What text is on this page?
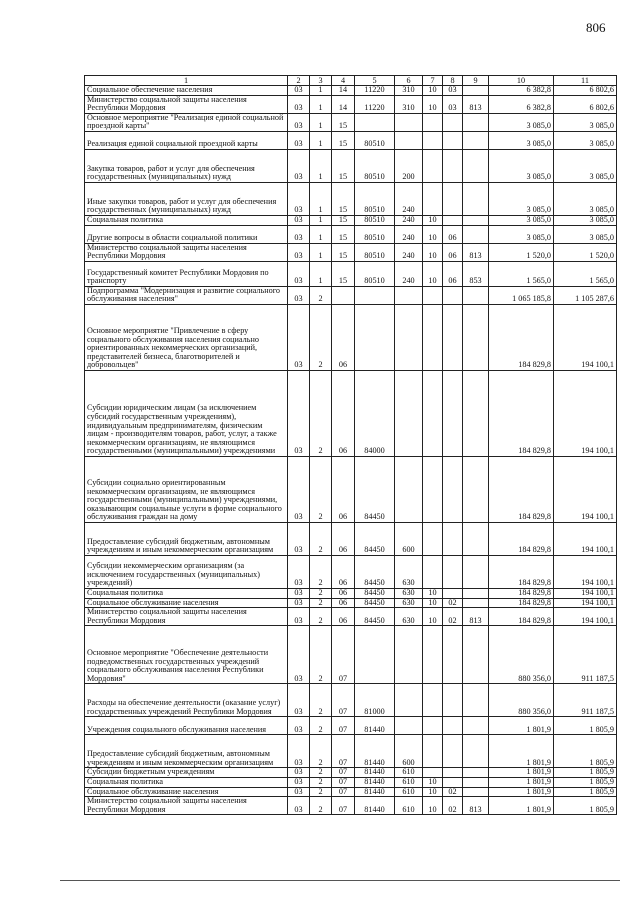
806
1	2	3	4	5	6	7	8	9	10	11
Социальное обеспечение населения	03	1	14	11220	310	10	03		6 382,8	6 802,6
Министерство социальной защиты населения Республики Мордовия	03	1	14	11220	310	10	03	813	6 382,8	6 802,6
Основное мероприятие "Реализация единой социальной проездной карты"	03	1	15						3 085,0	3 085,0
Реализация единой социальной проездной карты	03	1	15	80510					3 085,0	3 085,0
Закупка товаров, работ и услуг для обеспечения государственных (муниципальных) нужд	03	1	15	80510	200				3 085,0	3 085,0
Иные закупки товаров, работ и услуг для обеспечения государственных (муниципальных) нужд	03	1	15	80510	240				3 085,0	3 085,0
Социальная политика	03	1	15	80510	240	10			3 085,0	3 085,0
Другие вопросы в области социальной политики	03	1	15	80510	240	10	06		3 085,0	3 085,0
Министерство социальной защиты населения Республики Мордовия	03	1	15	80510	240	10	06	813	1 520,0	1 520,0
Государственный комитет Республики Мордовия по транспорту	03	1	15	80510	240	10	06	853	1 565,0	1 565,0
Подпрограмма "Модернизация и развитие социального обслуживания населения"	03	2							1 065 185,8	1 105 287,6
Основное мероприятие "Привлечение в сферу социального обслуживания населения социально ориентированных некоммерческих организаций, представителей бизнеса, благотворителей и добровольцев"	03	2	06						184 829,8	194 100,1
Субсидии юридическим лицам (за исключением субсидий государственным учреждениям), индивидуальным предпринимателям, физическим лицам - производителям товаров, работ, услуг, а также некоммерческим организациям, не являющимся государственными (муниципальными) учреждениями	03	2	06	84000					184 829,8	194 100,1
Субсидии социально ориентированным некоммерческим организациям, не являющимся государственными (муниципальными) учреждениями, оказывающим социальные услуги в форме социального обслуживания граждан на дому	03	2	06	84450					184 829,8	194 100,1
Предоставление субсидий бюджетным, автономным учреждениям и иным некоммерческим организациям	03	2	06	84450	600				184 829,8	194 100,1
Субсидии некоммерческим организациям (за исключением государственных (муниципальных) учреждений)	03	2	06	84450	630				184 829,8	194 100,1
Социальная политика	03	2	06	84450	630	10			184 829,8	194 100,1
Социальное обслуживание населения	03	2	06	84450	630	10	02		184 829,8	194 100,1
Министерство социальной защиты населения Республики Мордовия	03	2	06	84450	630	10	02	813	184 829,8	194 100,1
Основное мероприятие "Обеспечение деятельности подведомственных государственных учреждений социального обслуживания населения Республики Мордовия"	03	2	07						880 356,0	911 187,5
Расходы на обеспечение деятельности (оказание услуг) государственных учреждений Республики Мордовия	03	2	07	81000					880 356,0	911 187,5
Учреждения социального обслуживания населения	03	2	07	81440					1 801,9	1 805,9
Предоставление субсидий бюджетным, автономным учреждениям и иным некоммерческим организациям	03	2	07	81440	600				1 801,9	1 805,9
Субсидии бюджетным учреждениям	03	2	07	81440	610				1 801,9	1 805,9
Социальная политика	03	2	07	81440	610	10			1 801,9	1 805,9
Социальное обслуживание населения	03	2	07	81440	610	10	02		1 801,9	1 805,9
Министерство социальной защиты населения Республики Мордовия	03	2	07	81440	610	10	02	813	1 801,9	1 805,9
